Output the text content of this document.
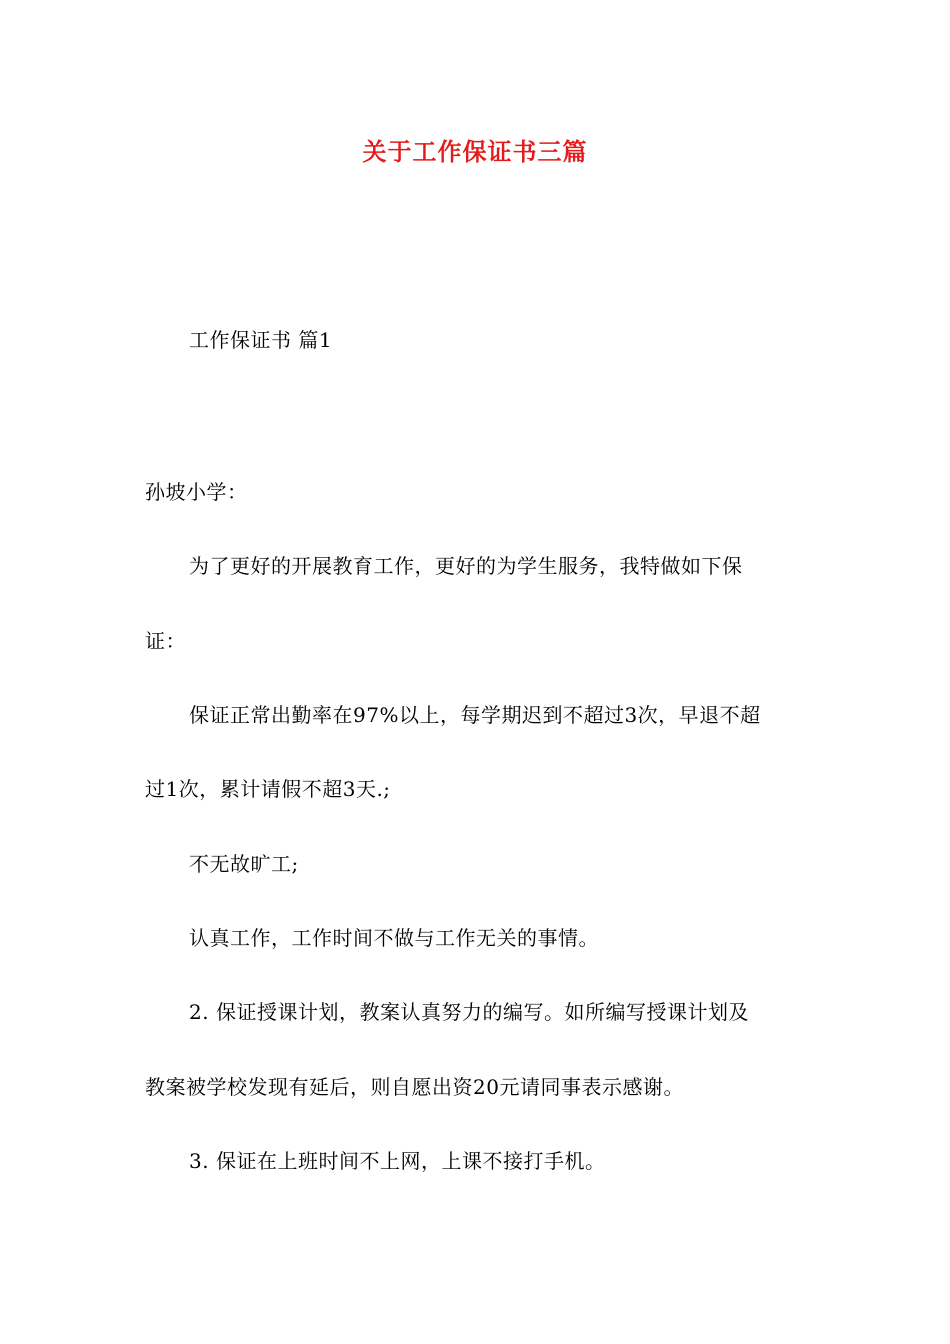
关于工作保证书三篇
工作保证书 篇1
孙坡小学：
为了更好的开展教育工作，更好的为学生服务，我特做如下保
证：
保证正常出勤率在97%以上，每学期迟到不超过3次，早退不超
过1次，累计请假不超3天.;
不无故旷工;
认真工作，工作时间不做与工作无关的事情。
2. 保证授课计划，教案认真努力的编写。如所编写授课计划及
教案被学校发现有延后，则自愿出资20元请同事表示感谢。
3. 保证在上班时间不上网，上课不接打手机。
